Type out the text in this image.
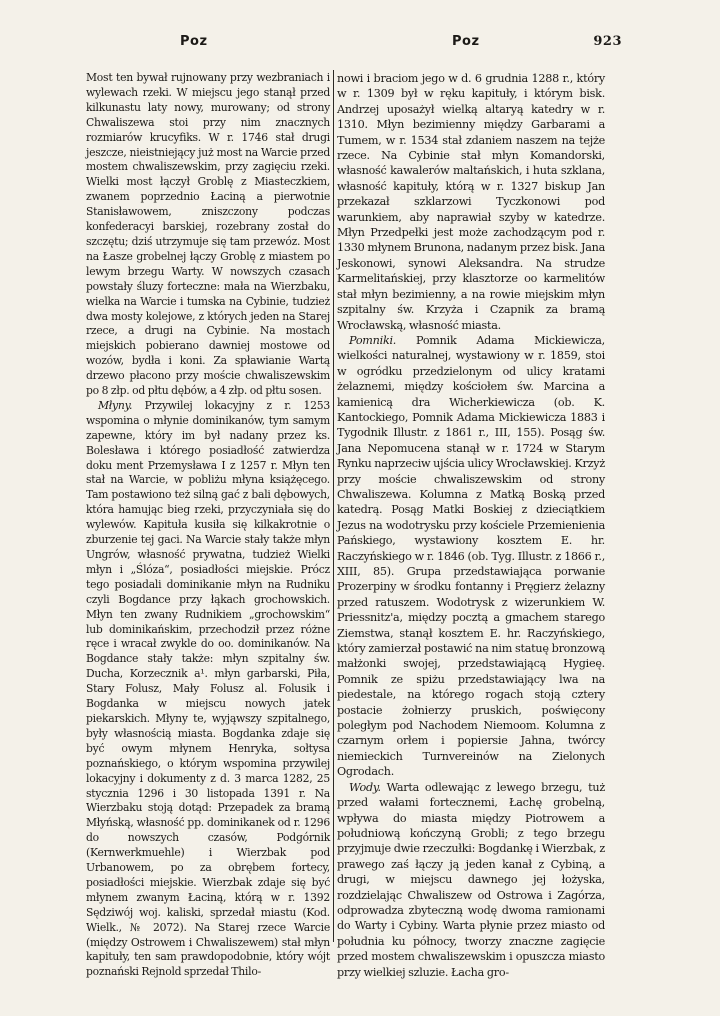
Poz	Poz	923

Most ten bywał rujnowany przy wezbraniach i wylewach rzeki. W miejscu jego stanął przed kilkunastu laty nowy, murowany; od strony Chwaliszewa stoi przy nim znacznych rozmiarów krucyfiks. W r. 1746 stał drugi jeszcze, nieistniejący już most na Warcie przed mostem chwaliszewskim, przy zagięciu rzeki. Wielki most łączył Groblę z Miasteczkiem, zwanem poprzednio Łaciną a pierwotnie Stanisławowem, zniszczony podczas konfederacyi barskiej, rozebrany został do szczętu; dziś utrzymuje się tam przewóz. Most na Łasze grobelnej łączy Groblę z miastem po lewym brzegu Warty. W nowszych czasach powstały śluzy forteczne: mała na Wierzbaku, wielka na Warcie i tumska na Cybinie, tudzież dwa mosty kolejowe, z których jeden na Starej rzece, a drugi na Cybinie. Na mostach miejskich pobierano dawniej mostowe od wozów, bydła i koni. Za spławianie Wartą drzewo płacono przy moście chwaliszewskim po 8 złp. od płtu dębów, a 4 złp. od płtu sosen.

Młyny. Przywilej lokacyjny z r. 1253 wspomina o młynie dominikanów, tym samym zapewne, który im był nadany przez ks. Bolesława i którego posiadłość zatwierdza doku ment Przemysława I z 1257 r. Młyn ten stał na Warcie, w pobliżu młyna książęcego. Tam postawiono też silną gać z bali dębowych, która hamując bieg rzeki, przyczyniała się do wylewów. Kapituła kusiła się kilkakrotnie o zburzenie tej gaci. Na Warcie stały także młyn Ungrów, własność prywatna, tudzież Wielki młyn i „Ślóza“, posiadłości miejskie. Prócz tego posiadali dominikanie młyn na Rudniku czyli Bogdance przy łąkach grochowskich. Młyn ten zwany Rudnikiem „grochowskim“ lub dominikańskim, przechodził przez różne ręce i wracał zwykle do oo. dominikanów. Na Bogdance stały także: młyn szpitalny św. Ducha, Korzecznik a¹. młyn garbarski, Piła, Stary Folusz, Mały Folusz al. Folusik i Bogdanka w miejscu nowych jatek piekarskich. Młyny te, wyjąwszy szpitalnego, były własnością miasta. Bogdanka zdaje się być owym młynem Henryka, sołtysa poznańskiego, o którym wspomina przywilej lokacyjny i dokumenty z d. 3 marca 1282, 25 stycznia 1296 i 30 listopada 1391 r. Na Wierzbaku stoją dotąd: Przepadek za bramą Młyńską, własność pp. dominikanek od r. 1296 do nowszych czasów, Podgórnik (Kernwerkmuehle) i Wierzbak pod Urbanowem, po za obrębem fortecy, posiadłości miejskie. Wierzbak zdaje się być młynem zwanym Łaciną, którą w r. 1392 Sędziwój woj. kaliski, sprzedał miastu (Kod. Wielk., № 2072). Na Starej rzece Warcie (między Ostrowem i Chwaliszewem) stał młyn kapituły, ten sam prawdopodobnie, który wójt poznański Rejnold sprzedał Thilo-

nowi i braciom jego w d. 6 grudnia 1288 r., który w r. 1309 był w ręku kapituły, i którym bisk. Andrzej uposażył wielką altaryą katedry w r. 1310. Młyn bezimienny między Garbarami a Tumem, w r. 1534 stał zdaniem naszem na tejże rzece. Na Cybinie stał młyn Komandorski, własność kawalerów maltańskich, i huta szklana, własność kapituły, którą w r. 1327 biskup Jan przekazał szklarzowi Tyczkonowi pod warunkiem, aby naprawiał szyby w katedrze. Młyn Przedpełki jest może zachodzącym pod r. 1330 młynem Brunona, nadanym przez bisk. Jana Jeskonowi, synowi Aleksandra. Na strudze Karmelitańskiej, przy klasztorze oo karmelitów stał młyn bezimienny, a na rowie miejskim młyn szpitalny św. Krzyża i Czapnik za bramą Wrocławską, własność miasta.

Pomniki. Pomnik Adama Mickiewicza, wielkości naturalnej, wystawiony w r. 1859, stoi w ogródku przedzielonym od ulicy kratami żelaznemi, między kościołem św. Marcina a kamienicą dra Wicherkiewicza (ob. K. Kantockiego, Pomnik Adama Mickiewicza 1883 i Tygodnik Illustr. z 1861 r., III, 155). Posąg św. Jana Nepomucena stanął w r. 1724 w Starym Rynku naprzeciw ujścia ulicy Wrocławskiej. Krzyż przy moście chwaliszewskim od strony Chwaliszewa. Kolumna z Matką Boską przed katedrą. Posąg Matki Boskiej z dzieciątkiem Jezus na wodotrysku przy kościele Przemienienia Pańskiego, wystawiony kosztem E. hr. Raczyńskiego w r. 1846 (ob. Tyg. Illustr. z 1866 r., XIII, 85). Grupa przedstawiająca porwanie Prozerpiny w środku fontanny i Pręgierz żelazny przed ratuszem. Wodotrysk z wizerunkiem W. Priessnitz'a, między pocztą a gmachem starego Ziemstwa, stanął kosztem E. hr. Raczyńskiego, który zamierzał postawić na nim statuę bronzową małżonki swojej, przedstawiającą Hygieę. Pomnik ze spiżu przedstawiający lwa na piedestale, na którego rogach stoją cztery postacie żołnierzy pruskich, poświęcony poległym pod Nachodem Niemoom. Kolumna z czarnym orłem i popiersie Jahna, twórcy niemieckich Turnvereinów na Zielonych Ogrodach.

Wody. Warta odlewając z lewego brzegu, tuż przed wałami fortecznemi, Łachę grobelną, wpływa do miasta między Piotrowem a południową kończyną Grobli; z tego brzegu przyjmuje dwie rzeczułki: Bogdankę i Wierzbak, z prawego zaś łączy ją jeden kanał z Cybiną, a drugi, w miejscu dawnego jej łożyska, rozdzielając Chwaliszew od Ostrowa i Zagórza, odprowadza zbyteczną wodę dwoma ramionami do Warty i Cybiny. Warta płynie przez miasto od południa ku północy, tworzy znaczne zagięcie przed mostem chwaliszewskim i opuszcza miasto przy wielkiej szluzie. Łacha gro-
